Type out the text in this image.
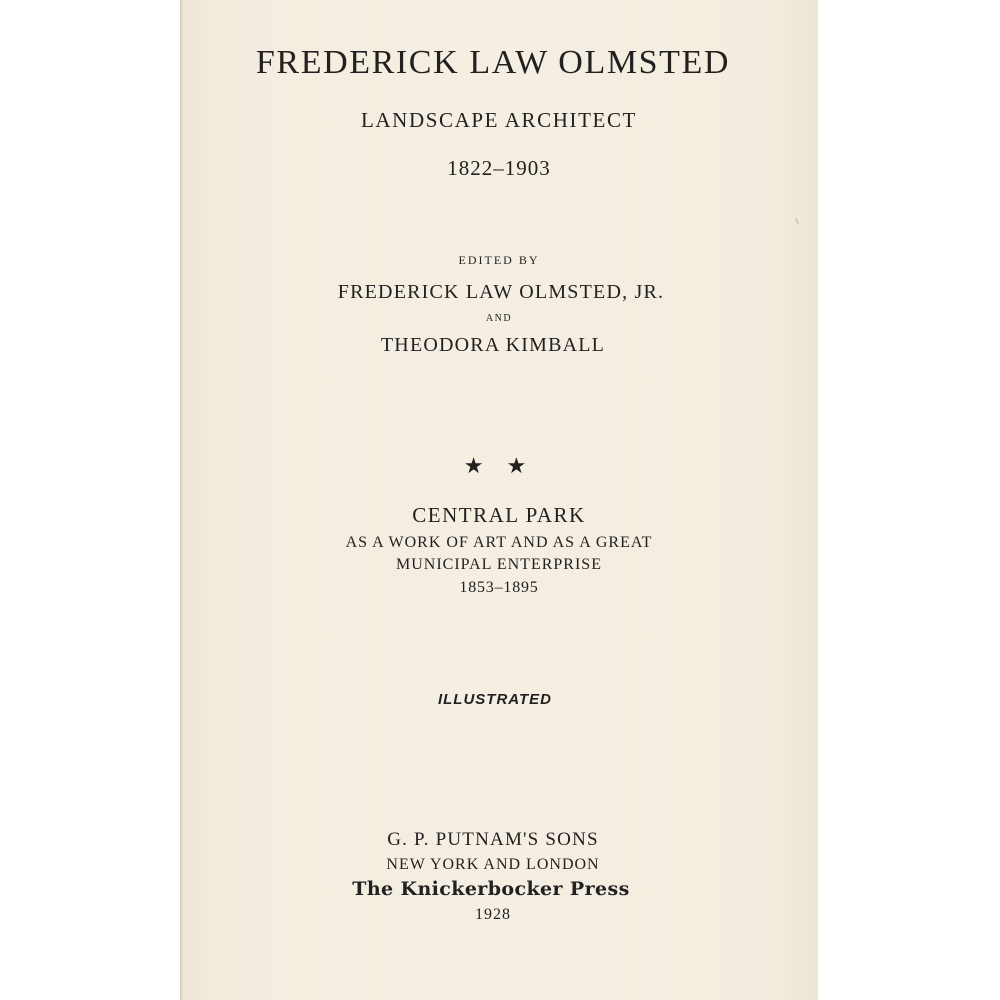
FREDERICK LAW OLMSTED
LANDSCAPE ARCHITECT
1822–1903
EDITED BY
FREDERICK LAW OLMSTED, JR.
AND
THEODORA KIMBALL
★ ★
CENTRAL PARK
AS A WORK OF ART AND AS A GREAT
MUNICIPAL ENTERPRISE
1853–1895
ILLUSTRATED
G. P. PUTNAM'S SONS
NEW YORK AND LONDON
The Knickerbocker Press
1928
